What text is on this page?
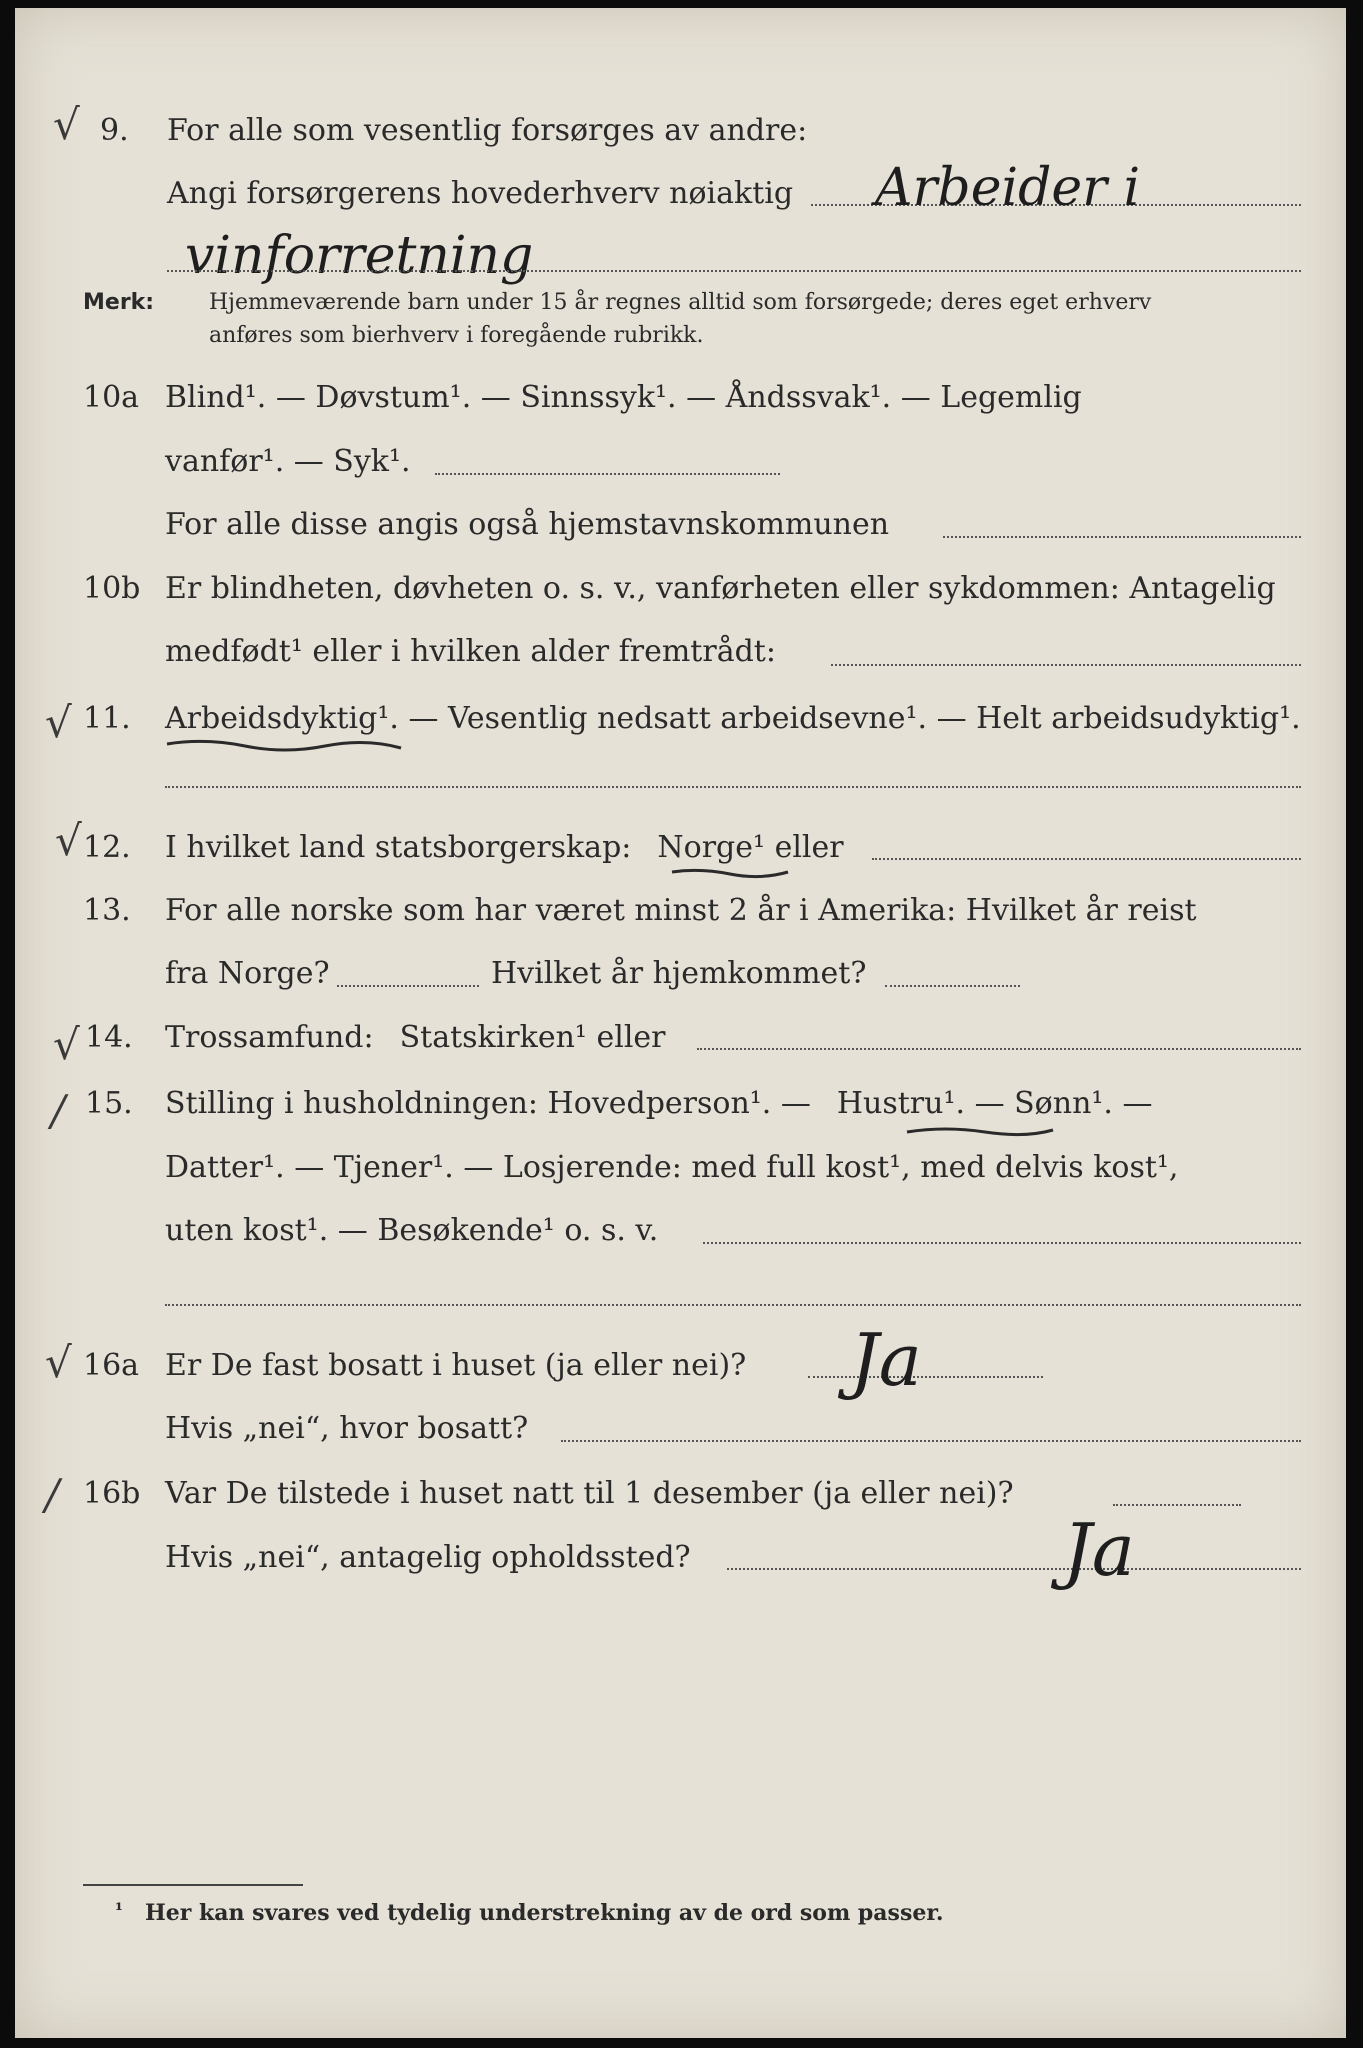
√ 9. For alle som vesentlig forsørges av andre:
Angi forsørgerens hovederhverv nøiaktig Arbeider i
vinforretning
Merk: Hjemmeværende barn under 15 år regnes alltid som forsørgede; deres eget erhverv
anføres som bierhverv i foregående rubrikk.
10a Blind¹. — Døvstum¹. — Sinnssyk¹. — Åndssvak¹. — Legemlig
vanfør¹. — Syk¹.
For alle disse angis også hjemstavnskommunen
10b Er blindheten, døvheten o. s. v., vanførheten eller sykdommen: Antagelig
medfødt¹ eller i hvilken alder fremtrådt:
√ 11. Arbeidsdyktig¹. — Vesentlig nedsatt arbeidsevne¹. — Helt arbeidsudyktig¹.
√ 12. I hvilket land statsborgerskap: Norge¹ eller
13. For alle norske som har været minst 2 år i Amerika: Hvilket år reist
fra Norge?	Hvilket år hjemkommet?
√ 14. Trossamfund: Statskirken¹ eller
/ 15. Stilling i husholdningen: Hovedperson¹. — Hustru¹. — Sønn¹. —
Datter¹. — Tjener¹. — Losjerende: med full kost¹, med delvis kost¹,
uten kost¹. — Besøkende¹ o. s. v.
√ 16a Er De fast bosatt i huset (ja eller nei)? Ja
Hvis „nei“, hvor bosatt?
/ 16b Var De tilstede i huset natt til 1 desember (ja eller nei)?
Hvis „nei“, antagelig opholdssted?	Ja
¹ Her kan svares ved tydelig understrekning av de ord som passer.
